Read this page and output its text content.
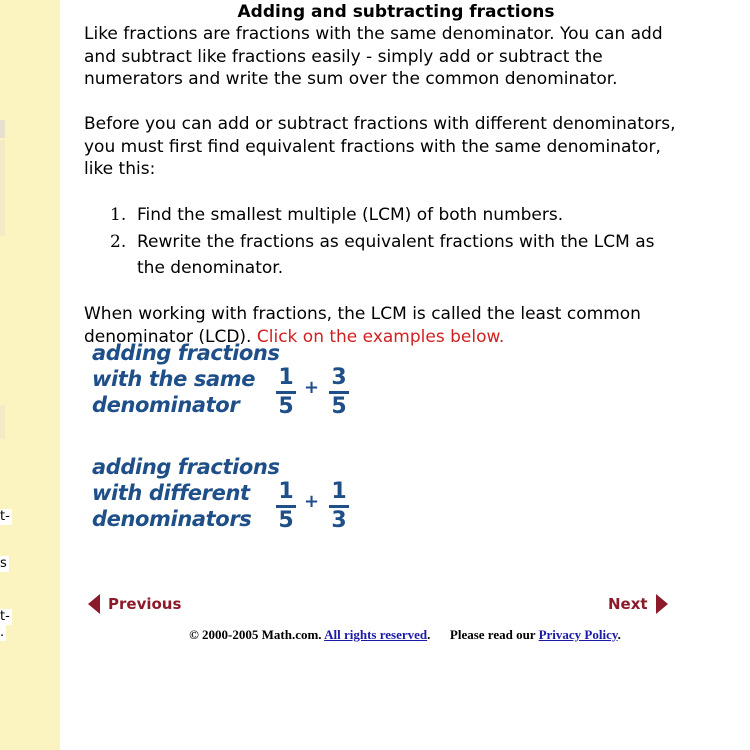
t-
s
t-
.
Adding and subtracting fractions

Like fractions are fractions with the same denominator. You can add and subtract like fractions easily - simply add or subtract the numerators and write the sum over the common denominator.

Before you can add or subtract fractions with different denominators, you must first find equivalent fractions with the same denominator, like this:

1. Find the smallest multiple (LCM) of both numbers.
2. Rewrite the fractions as equivalent fractions with the LCM as the denominator.

When working with fractions, the LCM is called the least common denominator (LCD). Click on the examples below.

adding fractions
with the same
denominator
1
5
+ 3
5
adding fractions
with different
denominators
1
5
+ 1
3
Previous	Next
© 2000-2005 Math.com. All rights reserved. Please read our Privacy Policy.
